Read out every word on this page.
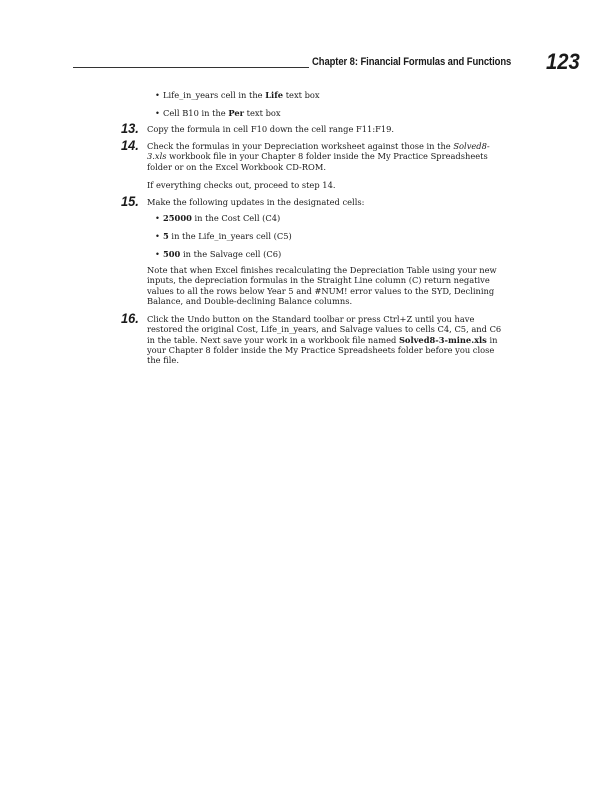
Chapter 8: Financial Formulas and Functions 123
• Life_in_years cell in the Life text box
• Cell B10 in the Per text box
13. Copy the formula in cell F10 down the cell range F11:F19.
14. Check the formulas in your Depreciation worksheet against those in the Solved8-3.xls workbook file in your Chapter 8 folder inside the My Practice Spreadsheets folder or on the Excel Workbook CD-ROM.
If everything checks out, proceed to step 14.
15. Make the following updates in the designated cells:
• 25000 in the Cost Cell (C4)
• 5 in the Life_in_years cell (C5)
• 500 in the Salvage cell (C6)
Note that when Excel finishes recalculating the Depreciation Table using your new inputs, the depreciation formulas in the Straight Line column (C) return negative values to all the rows below Year 5 and #NUM! error values to the SYD, Declining Balance, and Double-declining Balance columns.
16. Click the Undo button on the Standard toolbar or press Ctrl+Z until you have restored the original Cost, Life_in_years, and Salvage values to cells C4, C5, and C6 in the table. Next save your work in a workbook file named Solved8-3-mine.xls in your Chapter 8 folder inside the My Practice Spreadsheets folder before you close the file.
